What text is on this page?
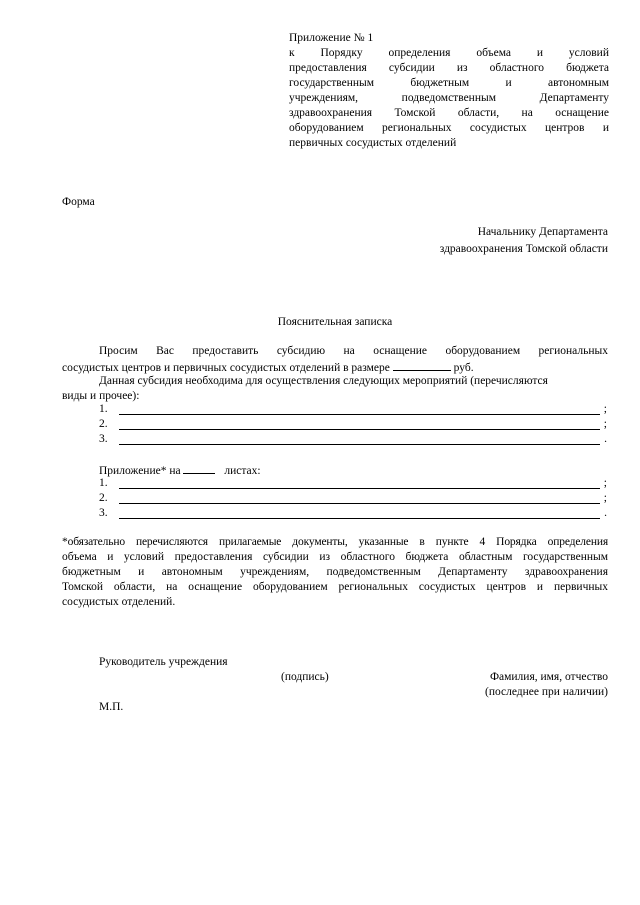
Приложение № 1
к Порядку определения объема и условий
предоставления субсидии из областного бюджета
государственным бюджетным и автономным
учреждениям, подведомственным Департаменту
здравоохранения Томской области, на оснащение
оборудованием региональных сосудистых центров и
первичных сосудистых отделений
Форма
Начальнику Департамента
здравоохранения Томской области
Пояснительная записка
Просим Вас предоставить субсидию на оснащение оборудованием региональных
сосудистых центров и первичных сосудистых отделений в размере	руб.
Данная субсидия необходима для осуществления следующих мероприятий (перечисляются
виды и прочее):
1.	;
2.	;
3.	.
Приложение* на	листах:
1.	;
2.	;
3.	.
*обязательно перечисляются прилагаемые документы, указанные в пункте 4 Порядка определения
объема и условий предоставления субсидии из областного бюджета областным государственным
бюджетным и автономным учреждениям, подведомственным Департаменту здравоохранения
Томской области, на оснащение оборудованием региональных сосудистых центров и первичных
сосудистых отделений.
Руководитель учреждения
(подпись)	Фамилия, имя, отчество
(последнее при наличии)
М.П.
